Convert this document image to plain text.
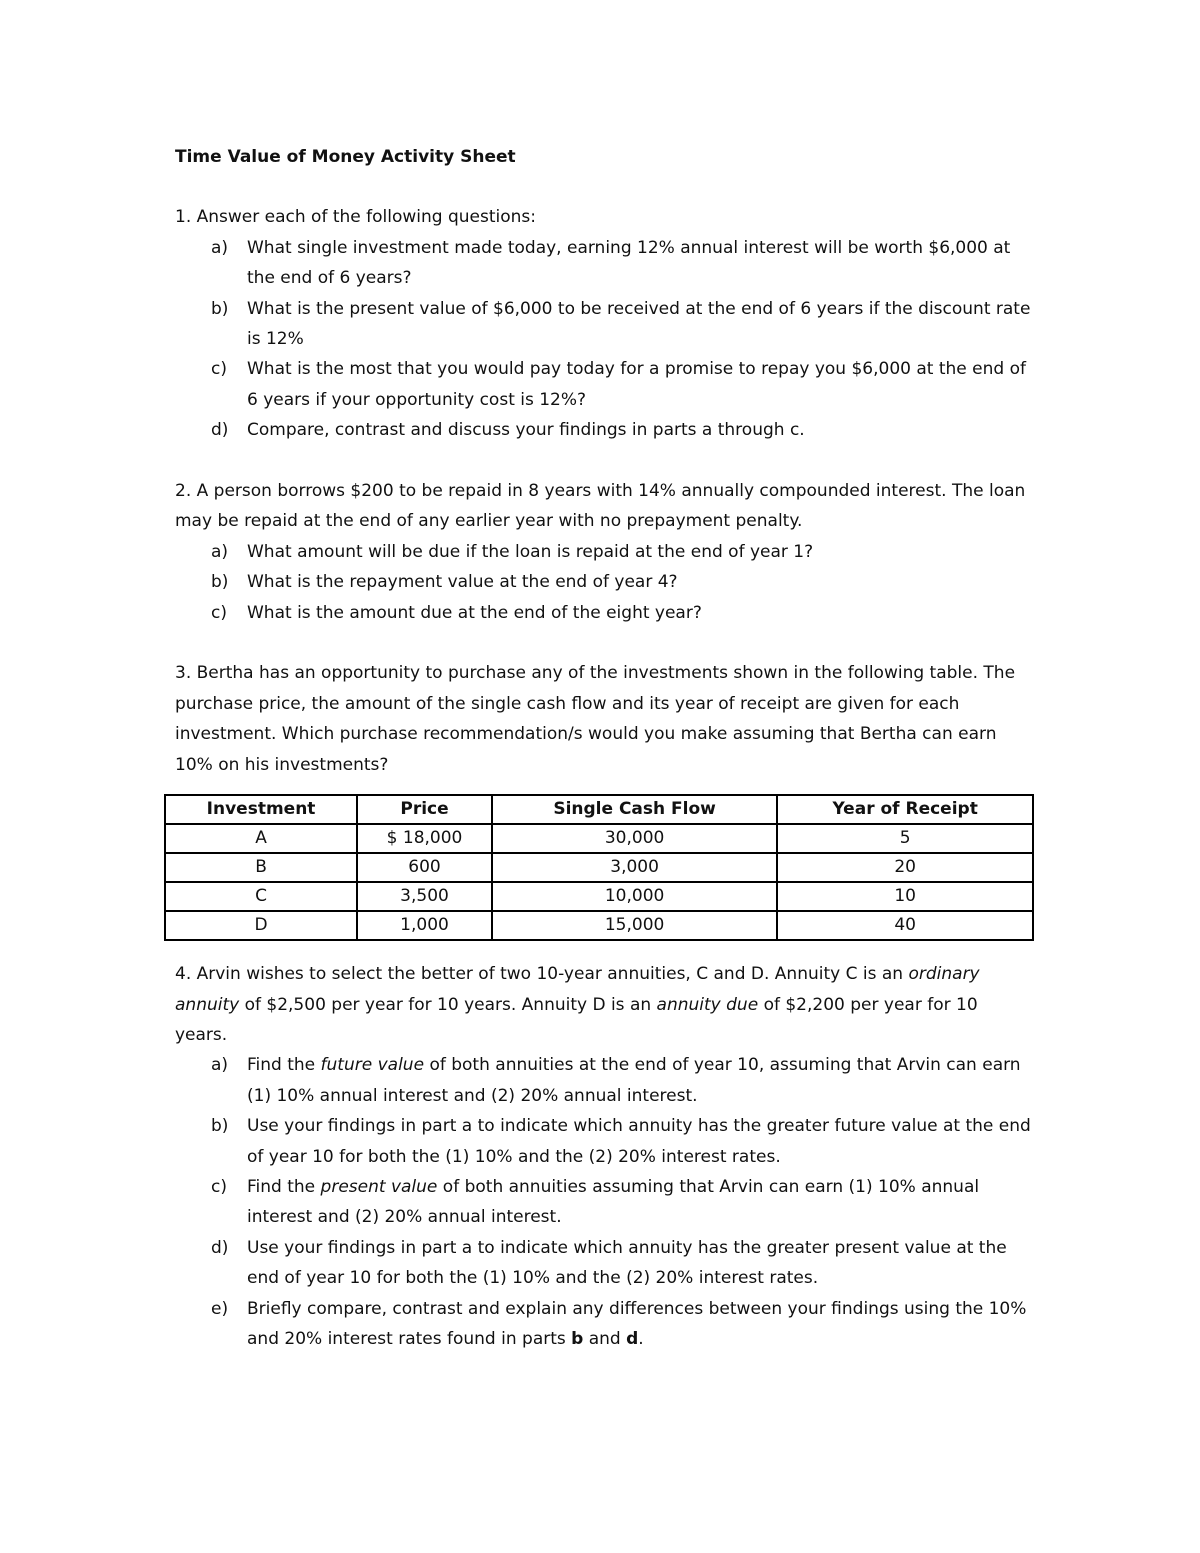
Time Value of Money Activity Sheet

1. Answer each of the following questions:

a) What single investment made today, earning 12% annual interest will be worth $6,000 at the end of 6 years?
b) What is the present value of $6,000 to be received at the end of 6 years if the discount rate is 12%
c) What is the most that you would pay today for a promise to repay you $6,000 at the end of 6 years if your opportunity cost is 12%?
d) Compare, contrast and discuss your findings in parts a through c.

2. A person borrows $200 to be repaid in 8 years with 14% annually compounded interest. The loan may be repaid at the end of any earlier year with no prepayment penalty.

a) What amount will be due if the loan is repaid at the end of year 1?
b) What is the repayment value at the end of year 4?
c) What is the amount due at the end of the eight year?

3. Bertha has an opportunity to purchase any of the investments shown in the following table. The purchase price, the amount of the single cash flow and its year of receipt are given for each investment. Which purchase recommendation/s would you make assuming that Bertha can earn 10% on his investments?

Investment	Price	Single Cash Flow	Year of Receipt
A	$ 18,000	30,000	5
B	600	3,000	20
C	3,500	10,000	10
D	1,000	15,000	40

4. Arvin wishes to select the better of two 10-year annuities, C and D. Annuity C is an ordinary annuity of $2,500 per year for 10 years. Annuity D is an annuity due of $2,200 per year for 10 years.

a) Find the future value of both annuities at the end of year 10, assuming that Arvin can earn (1) 10% annual interest and (2) 20% annual interest.
b) Use your findings in part a to indicate which annuity has the greater future value at the end of year 10 for both the (1) 10% and the (2) 20% interest rates.
c) Find the present value of both annuities assuming that Arvin can earn (1) 10% annual interest and (2) 20% annual interest.
d) Use your findings in part a to indicate which annuity has the greater present value at the end of year 10 for both the (1) 10% and the (2) 20% interest rates.
e) Briefly compare, contrast and explain any differences between your findings using the 10% and 20% interest rates found in parts b and d.
